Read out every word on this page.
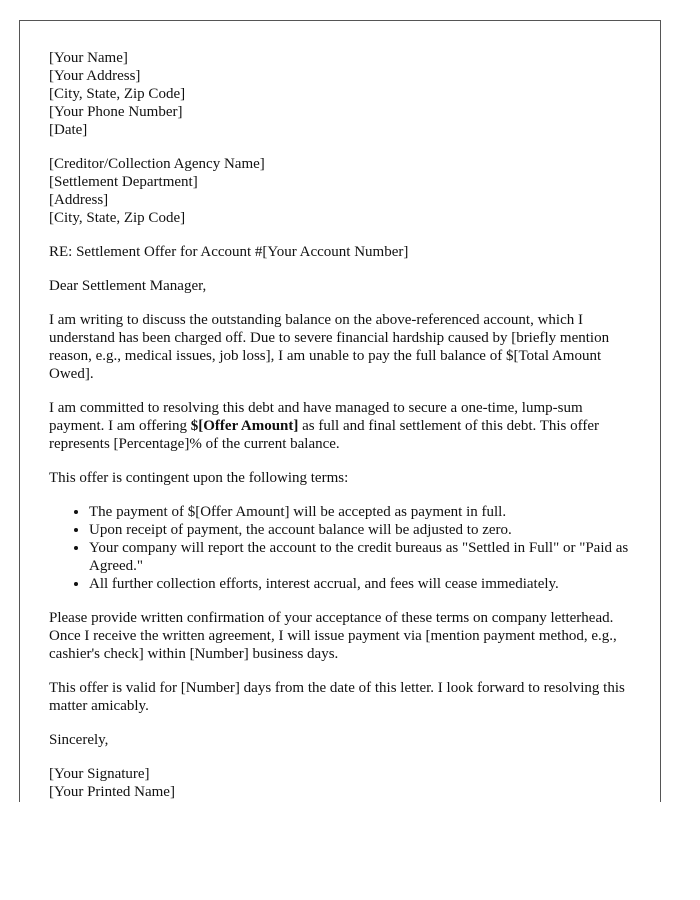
[Your Name]
[Your Address]
[City, State, Zip Code]
[Your Phone Number]
[Date]
[Creditor/Collection Agency Name]
[Settlement Department]
[Address]
[City, State, Zip Code]

RE: Settlement Offer for Account #[Your Account Number]

Dear Settlement Manager,

I am writing to discuss the outstanding balance on the above-referenced account, which I understand has been charged off. Due to severe financial hardship caused by [briefly mention reason, e.g., medical issues, job loss], I am unable to pay the full balance of $[Total Amount Owed].

I am committed to resolving this debt and have managed to secure a one-time, lump-sum payment. I am offering $[Offer Amount] as full and final settlement of this debt. This offer represents [Percentage]% of the current balance.

This offer is contingent upon the following terms:

• The payment of $[Offer Amount] will be accepted as payment in full.
• Upon receipt of payment, the account balance will be adjusted to zero.
• Your company will report the account to the credit bureaus as "Settled in Full" or "Paid as Agreed."
• All further collection efforts, interest accrual, and fees will cease immediately.

Please provide written confirmation of your acceptance of these terms on company letterhead. Once I receive the written agreement, I will issue payment via [mention payment method, e.g., cashier's check] within [Number] business days.

This offer is valid for [Number] days from the date of this letter. I look forward to resolving this matter amicably.

Sincerely,

[Your Signature]
[Your Printed Name]
